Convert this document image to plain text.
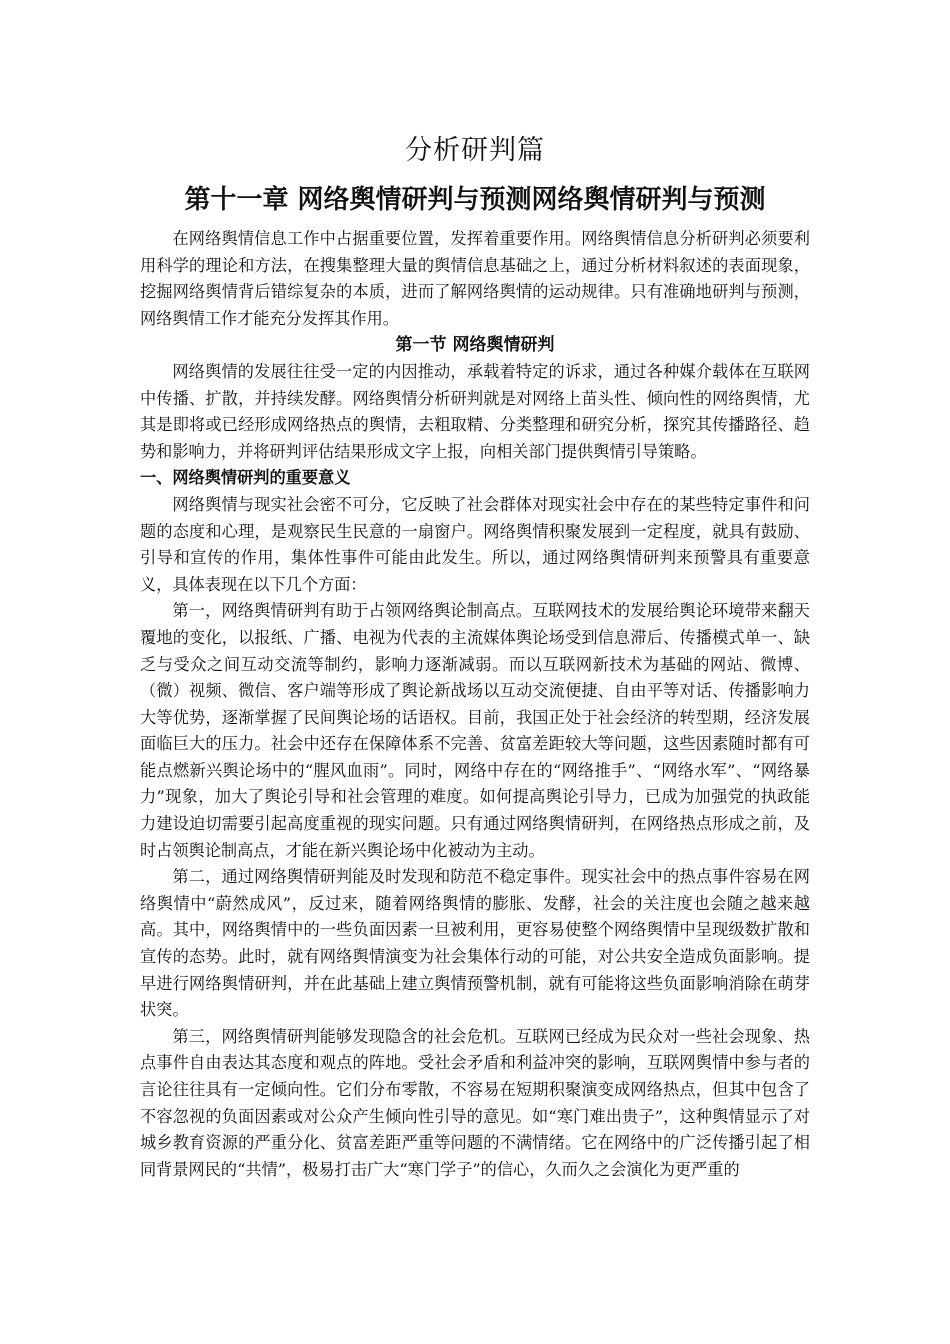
分析研判篇
第十一章 网络舆情研判与预测网络舆情研判与预测

在网络舆情信息工作中占据重要位置，发挥着重要作用。网络舆情信息分析研判必须要利用科学的理论和方法，在搜集整理大量的舆情信息基础之上，通过分析材料叙述的表面现象，挖掘网络舆情背后错综复杂的本质，进而了解网络舆情的运动规律。只有准确地研判与预测，网络舆情工作才能充分发挥其作用。

第一节 网络舆情研判

网络舆情的发展往往受一定的内因推动，承载着特定的诉求，通过各种媒介载体在互联网中传播、扩散，并持续发酵。网络舆情分析研判就是对网络上苗头性、倾向性的网络舆情，尤其是即将或已经形成网络热点的舆情，去粗取精、分类整理和研究分析，探究其传播路径、趋势和影响力，并将研判评估结果形成文字上报，向相关部门提供舆情引导策略。

一、网络舆情研判的重要意义

网络舆情与现实社会密不可分，它反映了社会群体对现实社会中存在的某些特定事件和问题的态度和心理，是观察民生民意的一扇窗户。网络舆情积聚发展到一定程度，就具有鼓励、引导和宣传的作用，集体性事件可能由此发生。所以，通过网络舆情研判来预警具有重要意义，具体表现在以下几个方面：

第一，网络舆情研判有助于占领网络舆论制高点。互联网技术的发展给舆论环境带来翻天覆地的变化，以报纸、广播、电视为代表的主流媒体舆论场受到信息滞后、传播模式单一、缺乏与受众之间互动交流等制约，影响力逐渐减弱。而以互联网新技术为基础的网站、微博、（微）视频、微信、客户端等形成了舆论新战场以互动交流便捷、自由平等对话、传播影响力大等优势，逐渐掌握了民间舆论场的话语权。目前，我国正处于社会经济的转型期，经济发展面临巨大的压力。社会中还存在保障体系不完善、贫富差距较大等问题，这些因素随时都有可能点燃新兴舆论场中的“腥风血雨”。同时，网络中存在的“网络推手”、“网络水军”、“网络暴力”现象，加大了舆论引导和社会管理的难度。如何提高舆论引导力，已成为加强党的执政能力建设迫切需要引起高度重视的现实问题。只有通过网络舆情研判，在网络热点形成之前，及时占领舆论制高点，才能在新兴舆论场中化被动为主动。

第二，通过网络舆情研判能及时发现和防范不稳定事件。现实社会中的热点事件容易在网络舆情中“蔚然成风”，反过来，随着网络舆情的膨胀、发酵，社会的关注度也会随之越来越高。其中，网络舆情中的一些负面因素一旦被利用，更容易使整个网络舆情中呈现级数扩散和宣传的态势。此时，就有网络舆情演变为社会集体行动的可能，对公共安全造成负面影响。提早进行网络舆情研判，并在此基础上建立舆情预警机制，就有可能将这些负面影响消除在萌芽状突。

第三，网络舆情研判能够发现隐含的社会危机。互联网已经成为民众对一些社会现象、热点事件自由表达其态度和观点的阵地。受社会矛盾和利益冲突的影响，互联网舆情中参与者的言论往往具有一定倾向性。它们分布零散，不容易在短期积聚演变成网络热点，但其中包含了不容忽视的负面因素或对公众产生倾向性引导的意见。如“寒门难出贵子”，这种舆情显示了对城乡教育资源的严重分化、贫富差距严重等问题的不满情绪。它在网络中的广泛传播引起了相同背景网民的“共情”，极易打击广大“寒门学子”的信心，久而久之会演化为更严重的
